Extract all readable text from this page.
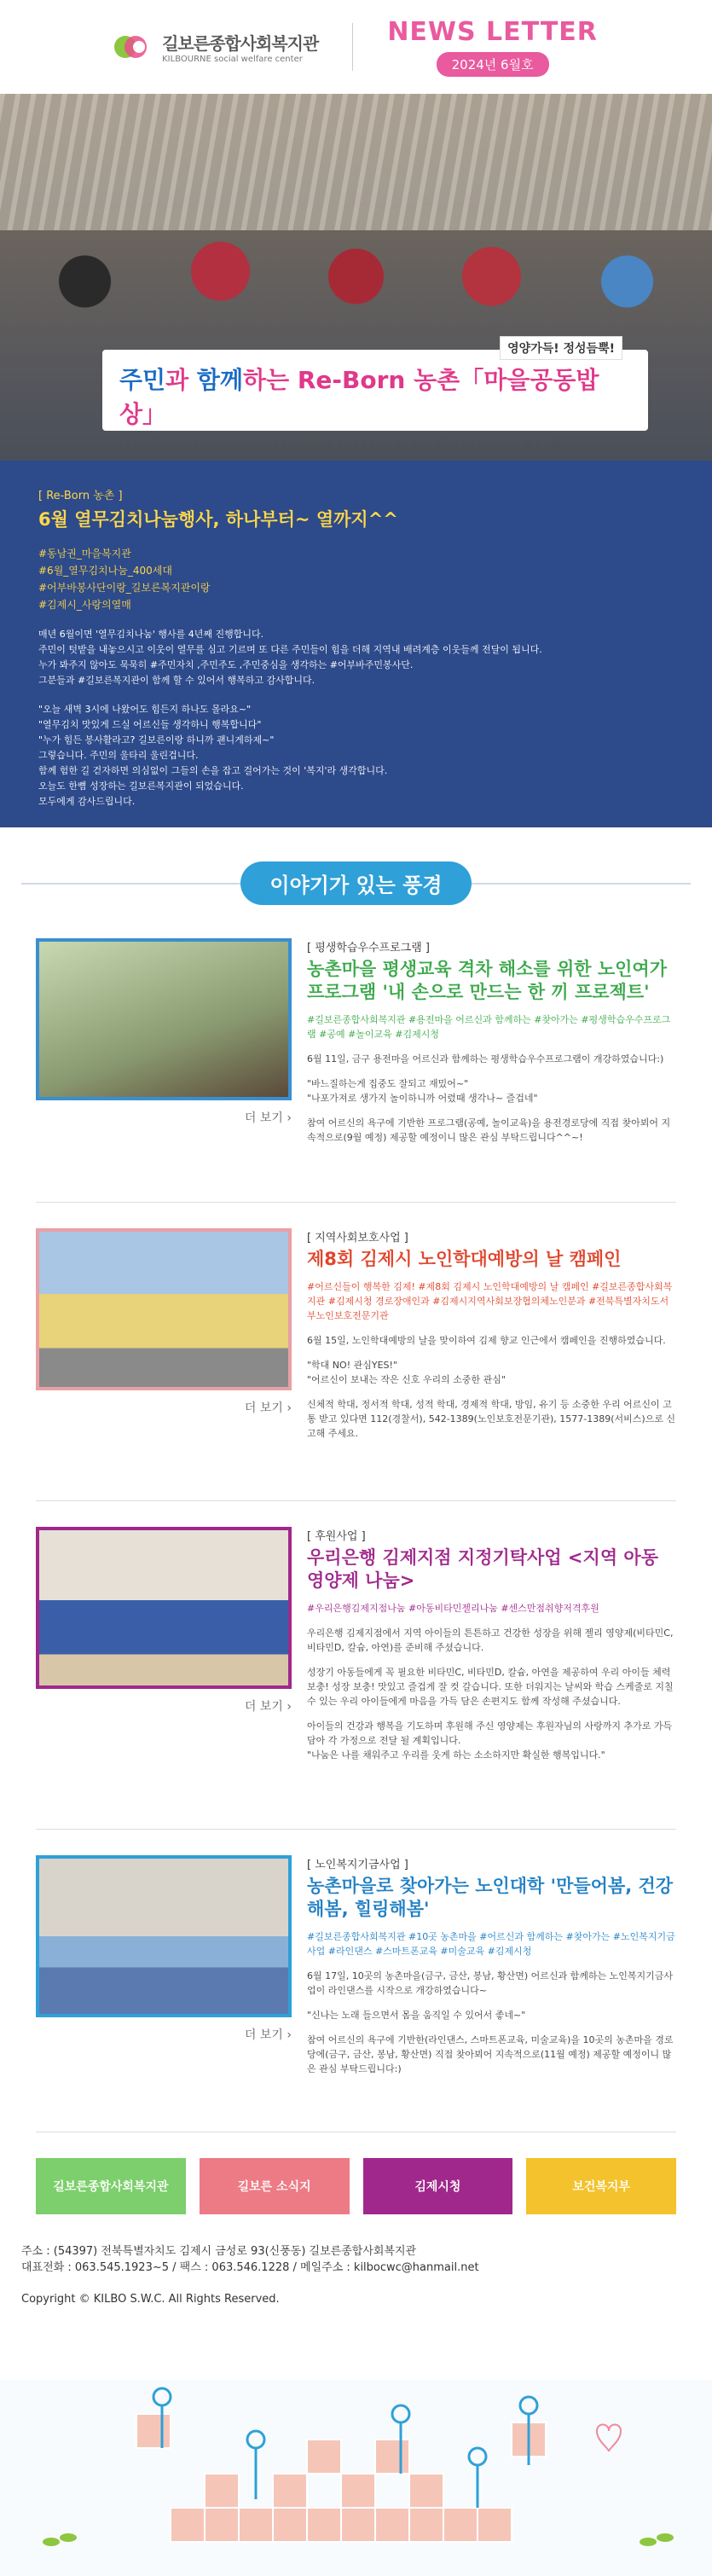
길보른종합사회복지관
KILBOURNE social welfare center
NEWS LETTER
2024년 6월호
영양가득! 정성듬뿍!
주민과 함께하는 Re-Born 농촌「마을공동밥상」
공동주관 : 어부바 주민자치회사단, 금산면행정복지센터, 길보른종합사회복지관 | 지원 : 사랑의열매 전북지회, 김제시
[ Re-Born 농촌 ]
6월 열무김치나눔행사, 하나부터~ 열까지^^
#동남권_마을복지관
#6월_열무김치나눔_400세대
#어부바봉사단이랑_길보른복지관이랑
#김제시_사랑의열매
매년 6월이면 '열무김치나눔' 행사를 4년째 진행합니다.
주민이 텃밭을 내놓으시고 이웃이 열무를 심고 기르며 또 다른 주민들이 힘을 더해 지역내 배려계층 이웃들께 전달이 됩니다.
누가 봐주지 않아도 묵묵히 #주민자치 ,주민주도 ,주민중심을 생각하는 #어부바주민봉사단.
그분들과 #길보른복지관이 함께 할 수 있어서 행복하고 감사합니다.
"오늘 새벽 3시에 나왔어도 힘든지 하나도 몰라요~"
"열무김치 맛있게 드실 어르신들 생각하니 행복합니다"
"누가 힘든 봉사활라고? 길보른이랑 하니까 괜니게하제~"
그렇습니다. 주민의 울타리 울린겁니다.
함께 험한 길 걷자하면 의심없이 그들의 손을 잡고 걸어가는 것이 '복지'라 생각합니다.
오늘도 한뼘 성장하는 길보른복지관이 되었습니다.
모두에게 감사드립니다.
이야기가 있는 풍경
더 보기 ›
[ 평생학습우수프로그램 ]
농촌마을 평생교육 격차 해소를 위한 노인여가프로그램 '내 손으로 만드는 한 끼 프로젝트'
#길보른종합사회복지관 #용전마을 어르신과 함께하는 #찾아가는 #평생학습우수프로그램 #공예 #놀이교육 #김제시청

6월 11일, 금구 용전마을 어르신과 함께하는 평생학습우수프로그램이 개강하였습니다:)

"바느질하는게 집중도 잘되고 재밌어~"
"나포가져로 생가지 놀이하니까 어렸때 생각나~ 즐겁네"

참여 어르신의 욕구에 기반한 프로그램(공예, 놀이교육)을 용전경로당에 직접 찾아뵈어 지속적으로(9월 예정) 제공할 예정이니 많은 관심 부탁드립니다^^~!

더 보기 ›
[ 지역사회보호사업 ]
제8회 김제시 노인학대예방의 날 캠페인
#어르신들이 행복한 김제! #제8회 김제시 노인학대예방의 날 캠페인 #길보른종합사회복지관 #김제시청 경로장애인과 #김제시지역사회보장협의체노인분과 #전북특별자치도서부노인보호전문기관

6월 15일, 노인학대예방의 날을 맞이하여 김제 향교 인근에서 캠페인을 진행하였습니다.

"학대 NO! 관심YES!"
"어르신이 보내는 작은 신호 우리의 소중한 관심"

신체적 학대, 정서적 학대, 성적 학대, 경제적 학대, 방임, 유기 등 소중한 우리 어르신이 고통 받고 있다면 112(경찰서), 542-1389(노인보호전문기관), 1577-1389(서비스)으로 신고해 주세요.

더 보기 ›
[ 후원사업 ]
우리은행 김제지점 지정기탁사업 <지역 아동 영양제 나눔>
#우리은행김제지점나눔 #아동비타민젤리나눔 #센스만점취향저격후원

우리은행 김제지점에서 지역 아이들의 튼튼하고 건강한 성장을 위해 젤리 영양제(비타민C, 비타민D, 칼슘, 아연)를 준비해 주셨습니다.

성장기 아동들에게 꼭 필요한 비타민C, 비타민D, 칼슘, 아연을 제공하여 우리 아이들 체력 보충! 성장 보충! 맛있고 즐겁게 잘 컷 갈습니다. 또한 더워지는 날씨와 학습 스케줄로 지칠 수 있는 우리 아이들에게 마음을 가득 담은 손편지도 함께 작성해 주셨습니다.

아이들의 건강과 행복을 기도하며 후원해 주신 영양제는 후원자님의 사랑까지 추가로 가득 담아 각 가정으로 전달 될 계획입니다.
"나눔은 나를 채워주고 우리를 웃게 하는 소소하지만 확실한 행복입니다."

더 보기 ›
[ 노인복지기금사업 ]
농촌마을로 찾아가는 노인대학 '만들어봄, 건강해봄, 힐링해봄'
#길보른종합사회복지관 #10곳 농촌마을 #어르신과 함께하는 #찾아가는 #노인복지기금사업 #라인댄스 #스마트폰교육 #미술교육 #김제시청

6월 17일, 10곳의 농촌마을(금구, 금산, 봉남, 황산면) 어르신과 함께하는 노인복지기금사업이 라인댄스를 시작으로 개강하였습니다~

"신나는 노래 들으면서 몸을 움직일 수 있어서 좋네~"

참여 어르신의 욕구에 기반한(라인댄스, 스마트폰교육, 미술교육)을 10곳의 농촌마을 경로당에(금구, 금산, 봉남, 황산면) 직접 찾아뵈어 지속적으로(11월 예정) 제공할 예정이니 많은 관심 부탁드립니다:)

길보른종합사회복지관	길보른 소식지	김제시청	보건복지부
주소 : (54397) 전북특별자치도 김제시 금성로 93(신풍동) 길보른종합사회복지관
대표전화 : 063.545.1923~5 / 팩스 : 063.546.1228 / 메일주소 : kilbocwc@hanmail.net
Copyright © KILBO S.W.C. All Rights Reserved.
